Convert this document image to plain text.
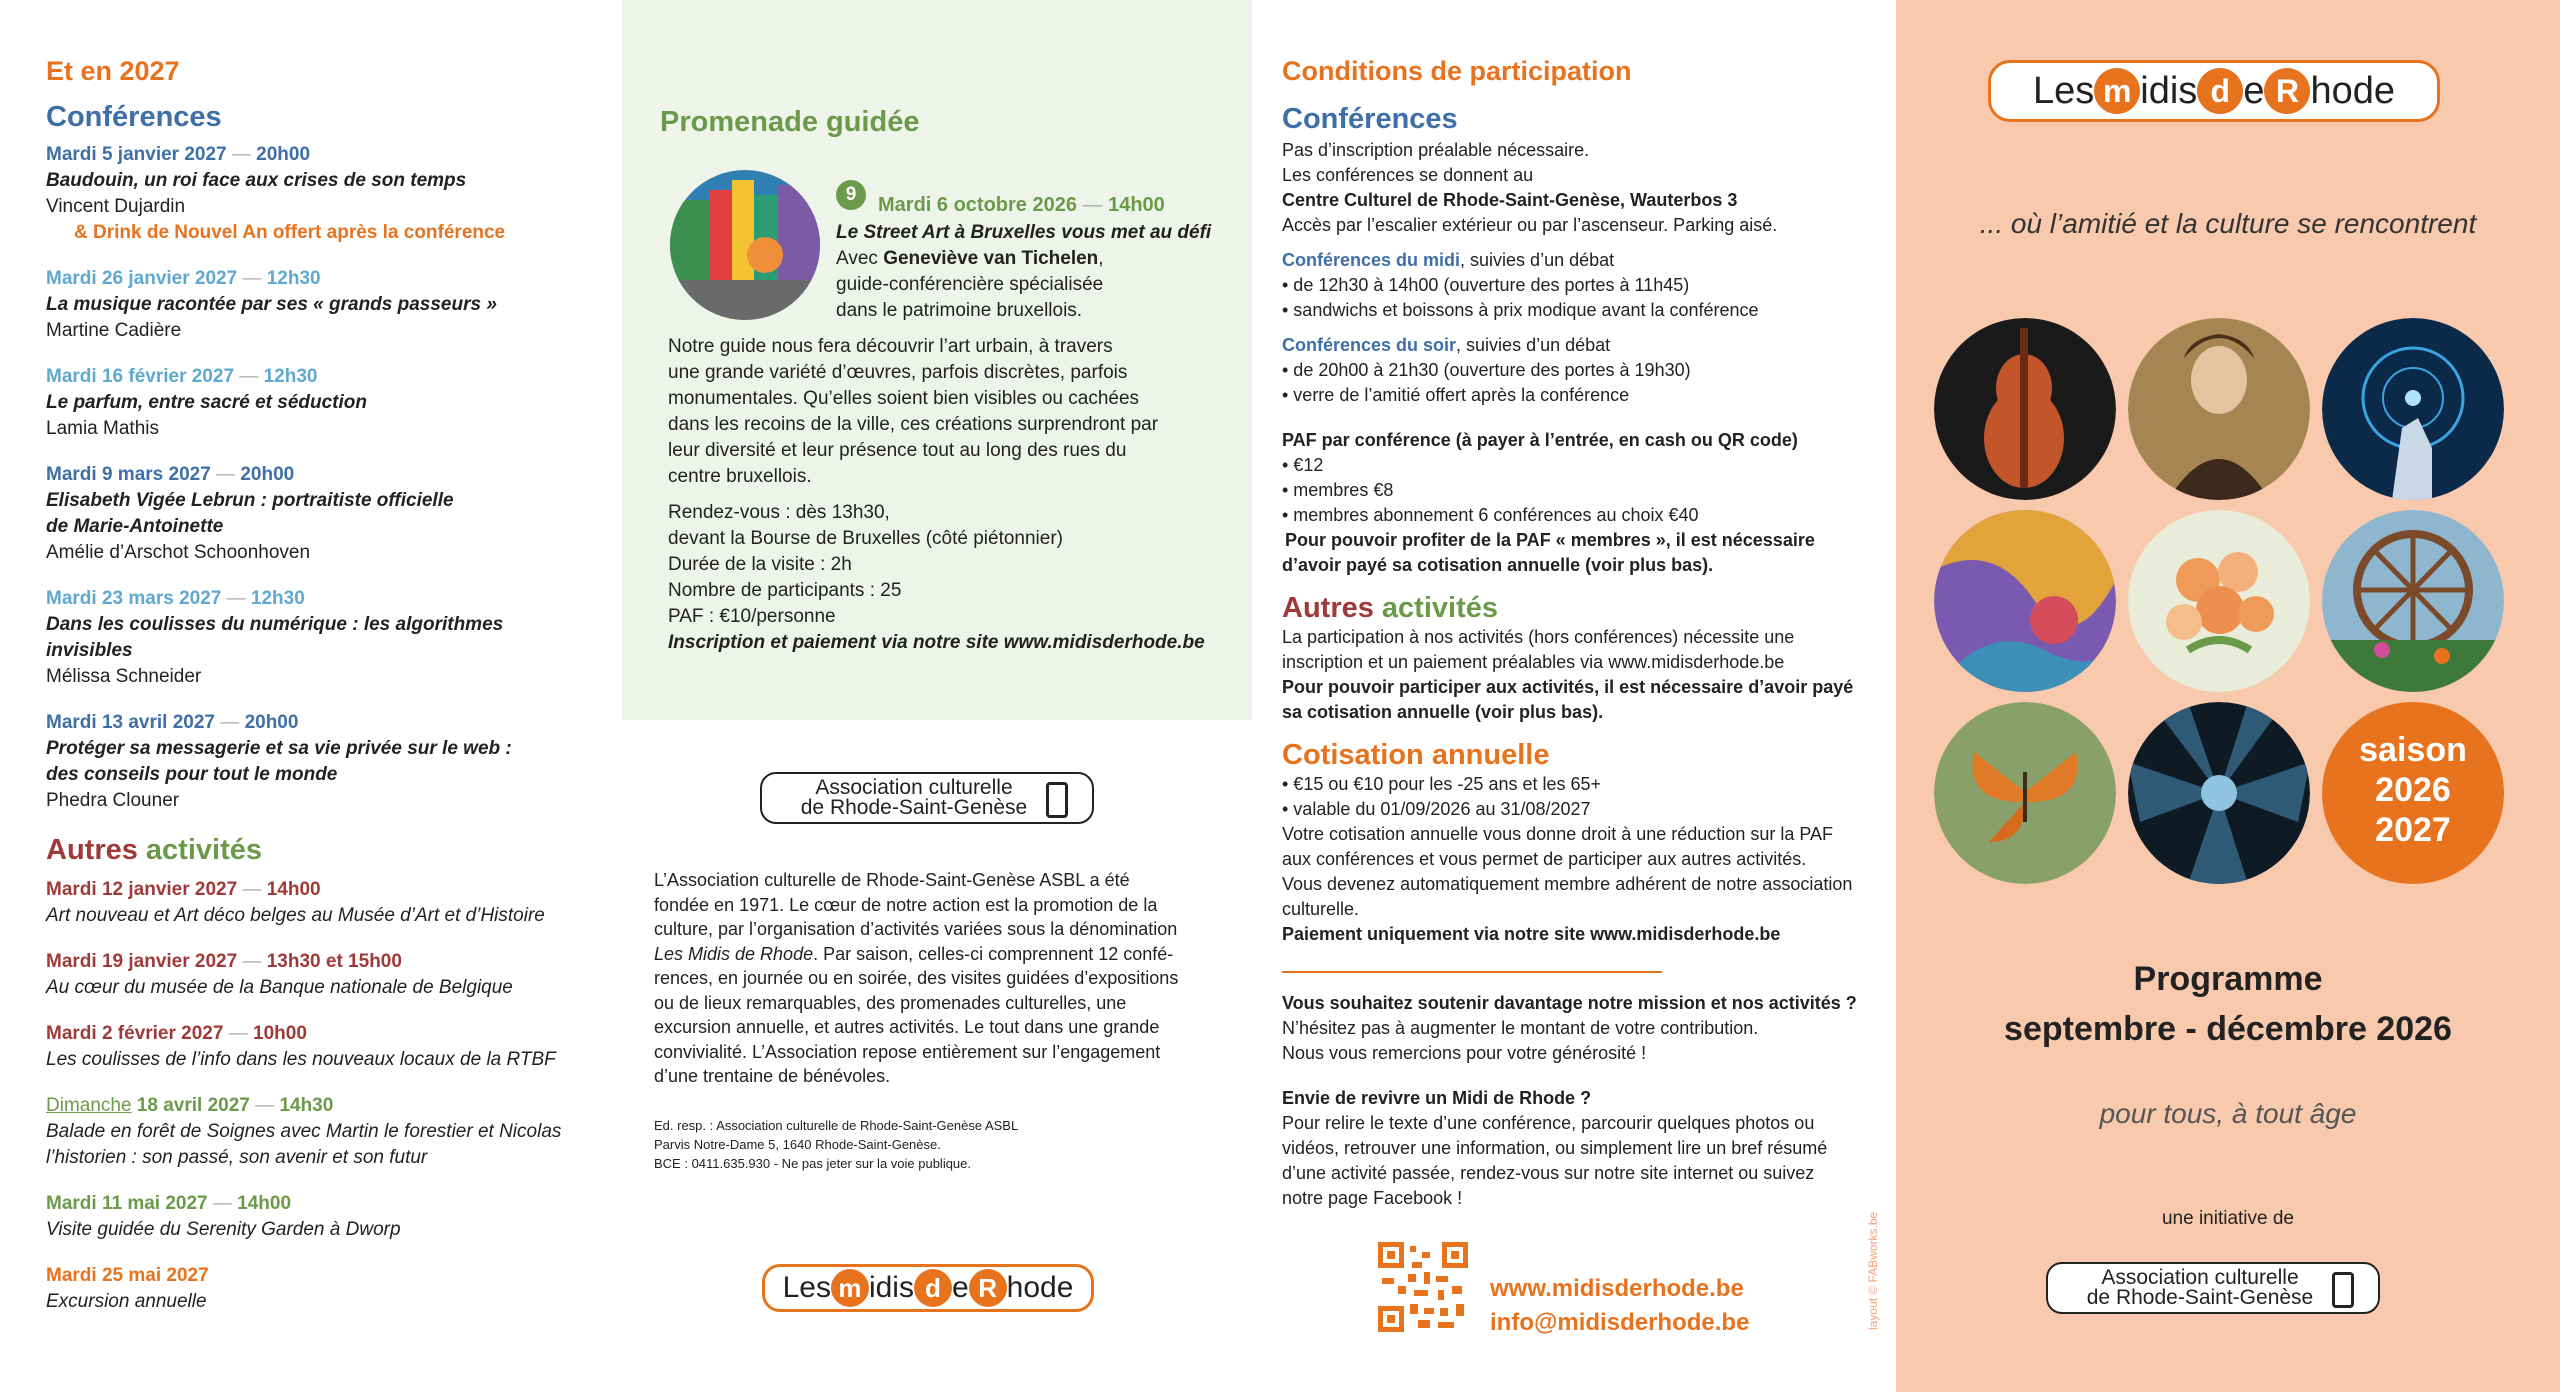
Et en 2027
Conférences
Mardi 5 janvier 2027 — 20h00
Baudouin, un roi face aux crises de son temps
Vincent Dujardin
& Drink de Nouvel An offert après la conférence
Mardi 26 janvier 2027 — 12h30
La musique racontée par ses « grands passeurs »
Martine Cadière
Mardi 16 février 2027 — 12h30
Le parfum, entre sacré et séduction
Lamia Mathis
Mardi 9 mars 2027 — 20h00
Elisabeth Vigée Lebrun : portraitiste officielle
de Marie-Antoinette
Amélie d’Arschot Schoonhoven
Mardi 23 mars 2027 — 12h30
Dans les coulisses du numérique : les algorithmes invisibles
Mélissa Schneider
Mardi 13 avril 2027 — 20h00
Protéger sa messagerie et sa vie privée sur le web :
des conseils pour tout le monde
Phedra Clouner
Autres activités
Mardi 12 janvier 2027 — 14h00
Art nouveau et Art déco belges au Musée d’Art et d’Histoire
Mardi 19 janvier 2027 — 13h30 et 15h00
Au cœur du musée de la Banque nationale de Belgique
Mardi 2 février 2027 — 10h00
Les coulisses de l’info dans les nouveaux locaux de la RTBF
Dimanche 18 avril 2027 — 14h30
Balade en forêt de Soignes avec Martin le forestier et Nicolas
l’historien : son passé, son avenir et son futur
Mardi 11 mai 2027 — 14h00
Visite guidée du Serenity Garden à Dworp
Mardi 25 mai 2027
Excursion annuelle
Promenade guidée
9	Mardi 6 octobre 2026 — 14h00
Le Street Art à Bruxelles vous met au défi
Avec Geneviève van Tichelen,
guide-conférencière spécialisée
dans le patrimoine bruxellois.
Notre guide nous fera découvrir l’art urbain, à travers
une grande variété d’œuvres, parfois discrètes, parfois
monumentales. Qu’elles soient bien visibles ou cachées
dans les recoins de la ville, ces créations surprendront par
leur diversité et leur présence tout au long des rues du
centre bruxellois.
Rendez-vous : dès 13h30,
devant la Bourse de Bruxelles (côté piétonnier)
Durée de la visite : 2h
Nombre de participants : 25
PAF : €10/personne
Inscription et paiement via notre site www.midisderhode.be
Association culturelle
de Rhode-Saint-Genèse
L’Association culturelle de Rhode-Saint-Genèse ASBL a été
fondée en 1971. Le cœur de notre action est la promotion de la
culture, par l’organisation d’activités variées sous la dénomination
Les Midis de Rhode. Par saison, celles-ci comprennent 12 confé-
rences, en journée ou en soirée, des visites guidées d’expositions
ou de lieux remarquables, des promenades culturelles, une
excursion annuelle, et autres activités. Le tout dans une grande
convivialité. L’Association repose entièrement sur l’engagement
d’une trentaine de bénévoles.
Ed. resp. : Association culturelle de Rhode-Saint-Genèse ASBL
Parvis Notre-Dame 5, 1640 Rhode-Saint-Genèse.
BCE : 0411.635.930 - Ne pas jeter sur la voie publique.
Les m idis d e R hode
Conditions de participation
Conférences
Pas d’inscription préalable nécessaire.
Les conférences se donnent au
Centre Culturel de Rhode-Saint-Genèse, Wauterbos 3
Accès par l’escalier extérieur ou par l’ascenseur. Parking aisé.
Conférences du midi, suivies d’un débat
• de 12h30 à 14h00 (ouverture des portes à 11h45)
• sandwichs et boissons à prix modique avant la conférence
Conférences du soir, suivies d’un débat
• de 20h00 à 21h30 (ouverture des portes à 19h30)
• verre de l’amitié offert après la conférence
PAF par conférence (à payer à l’entrée, en cash ou QR code)
• €12
• membres €8
• membres abonnement 6 conférences au choix €40
Pour pouvoir profiter de la PAF « membres », il est nécessaire
d’avoir payé sa cotisation annuelle (voir plus bas).
Autres activités
La participation à nos activités (hors conférences) nécessite une
inscription et un paiement préalables via www.midisderhode.be
Pour pouvoir participer aux activités, il est nécessaire d’avoir payé
sa cotisation annuelle (voir plus bas).
Cotisation annuelle
• €15 ou €10 pour les -25 ans et les 65+
• valable du 01/09/2026 au 31/08/2027
Votre cotisation annuelle vous donne droit à une réduction sur la PAF
aux conférences et vous permet de participer aux autres activités.
Vous devenez automatiquement membre adhérent de notre association
culturelle.
Paiement uniquement via notre site www.midisderhode.be
Vous souhaitez soutenir davantage notre mission et nos activités ?
N’hésitez pas à augmenter le montant de votre contribution.
Nous vous remercions pour votre générosité !
Envie de revivre un Midi de Rhode ?
Pour relire le texte d’une conférence, parcourir quelques photos ou
vidéos, retrouver une information, ou simplement lire un bref résumé
d’une activité passée, rendez-vous sur notre site internet ou suivez
notre page Facebook !
www.midisderhode.be
info@midisderhode.be	layout © FABworks.be
Les m idis d e R hode
... où l’amitié et la culture se rencontrent
saison
2026
2027
Programme
septembre - décembre 2026
pour tous, à tout âge
une initiative de
Association culturelle
de Rhode-Saint-Genèse
